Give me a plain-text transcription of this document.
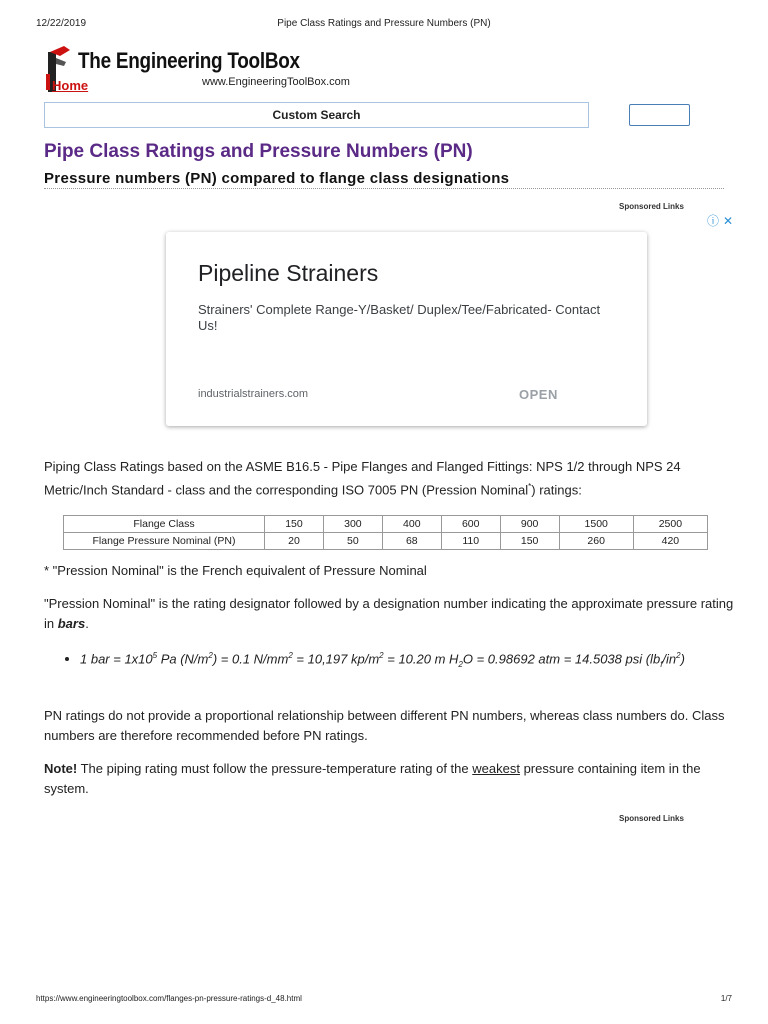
12/22/2019	Pipe Class Ratings and Pressure Numbers (PN)
The Engineering ToolBox
Home	www.EngineeringToolBox.com
Custom Search
Pipe Class Ratings and Pressure Numbers (PN)
Pressure numbers (PN) compared to flange class designations
Sponsored Links
ⓘ ✕
Pipeline Strainers
Strainers' Complete Range-Y/Basket/ Duplex/Tee/Fabricated- Contact Us!
industrialstrainers.com	OPEN

Piping Class Ratings based on the ASME B16.5 - Pipe Flanges and Flanged Fittings: NPS 1/2 through NPS 24 Metric/Inch Standard - class and the corresponding ISO 7005 PN (Pression Nominal*) ratings:

Flange Class	150	300	400	600	900	1500	2500
Flange Pressure Nominal (PN)	20	50	68	110	150	260	420

* "Pression Nominal" is the French equivalent of Pressure Nominal

"Pression Nominal" is the rating designator followed by a designation number indicating the approximate pressure rating in bars.

• 1 bar = $1x10^5$ Pa $(N/m^2) = 0.1$ $N/mm^2 = 10,197$ $kp/m^2 = 10.20$ m $H_2O = 0.98692$ atm = 14.5038 psi $(lb_f/in^2)$

PN ratings do not provide a proportional relationship between different PN numbers, whereas class numbers do. Class numbers are therefore recommended before PN ratings.

Note! The piping rating must follow the pressure-temperature rating of the weakest pressure containing item in the system.

Sponsored Links
https://www.engineeringtoolbox.com/flanges-pn-pressure-ratings-d_48.html	1/7
